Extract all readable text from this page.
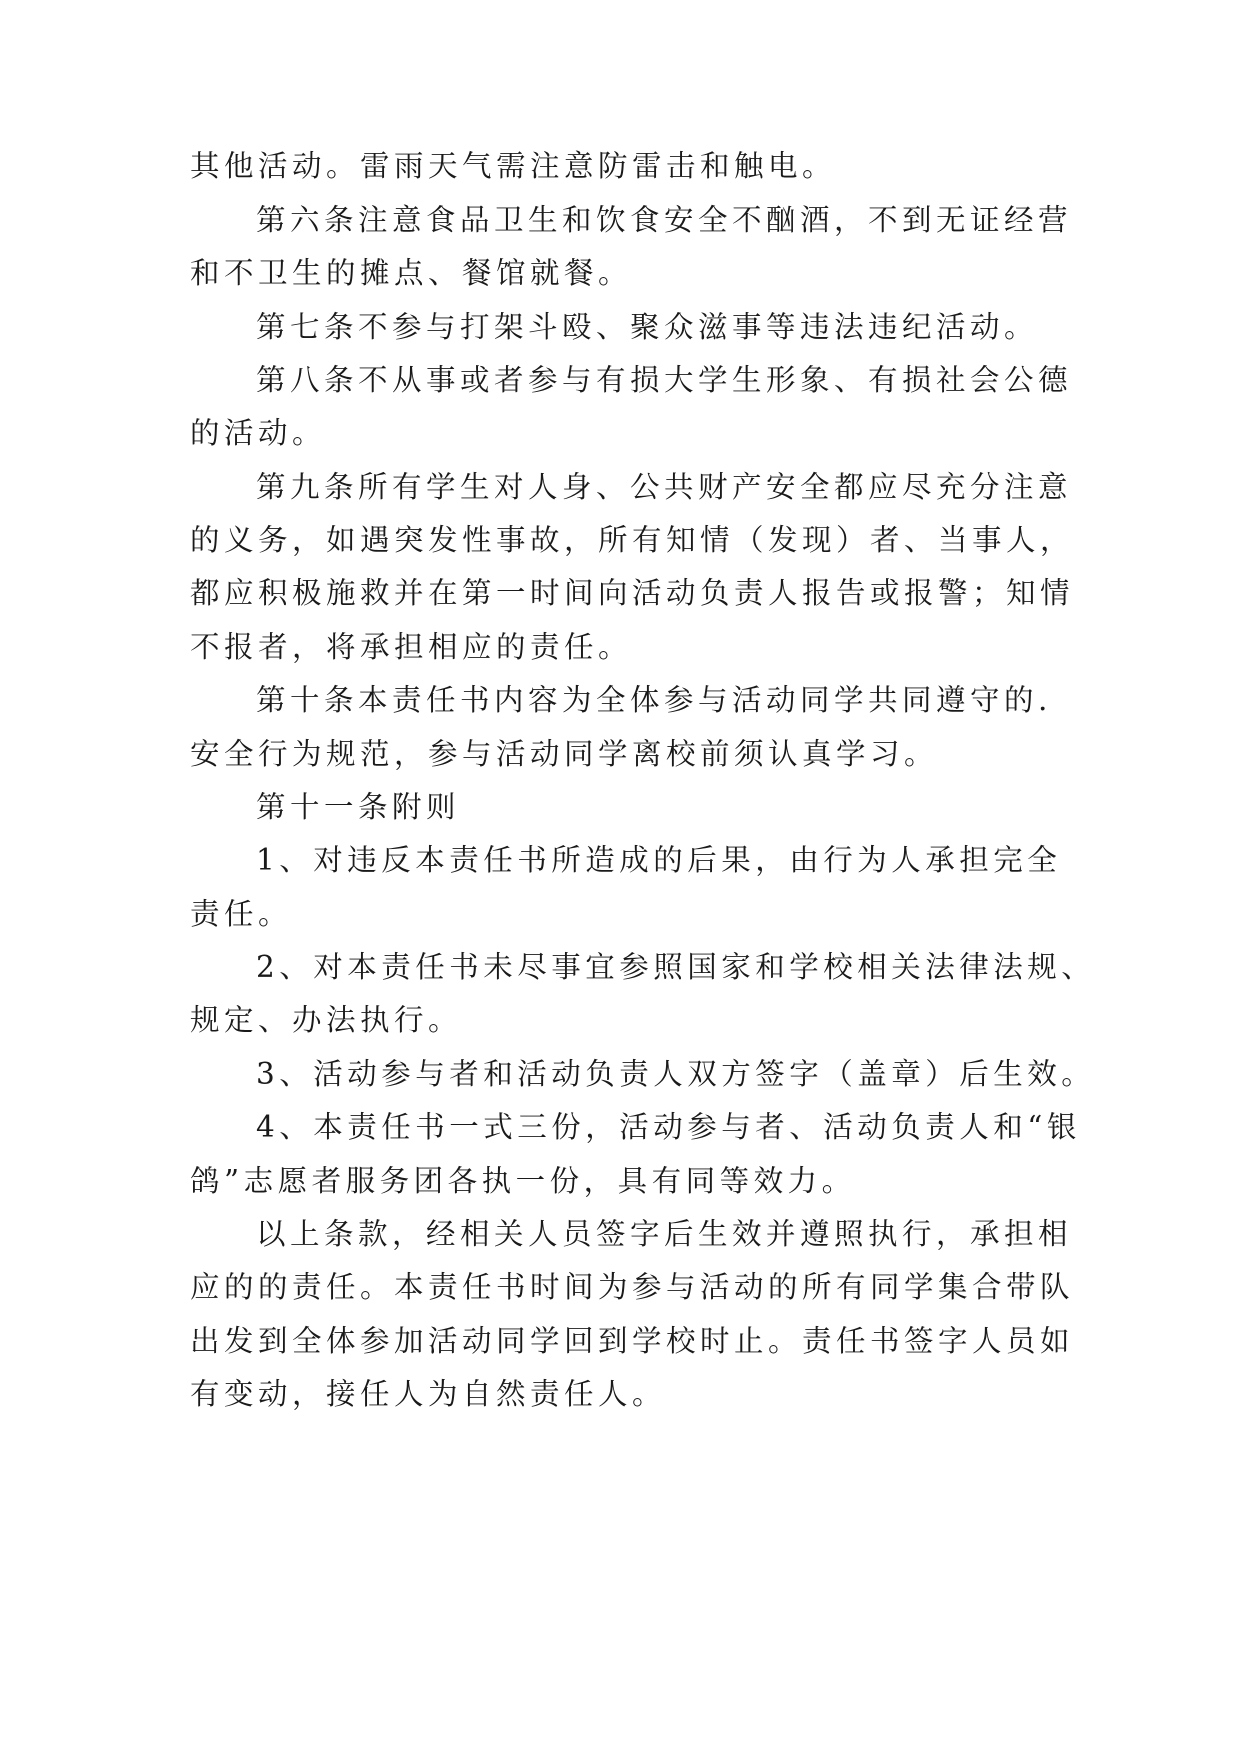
其他活动。雷雨天气需注意防雷击和触电。
第六条注意食品卫生和饮食安全不酗酒，不到无证经营
和不卫生的摊点、餐馆就餐。
第七条不参与打架斗殴、聚众滋事等违法违纪活动。
第八条不从事或者参与有损大学生形象、有损社会公德
的活动。
第九条所有学生对人身、公共财产安全都应尽充分注意
的义务，如遇突发性事故，所有知情（发现）者、当事人，
都应积极施救并在第一时间向活动负责人报告或报警；知情
不报者，将承担相应的责任。
第十条本责任书内容为全体参与活动同学共同遵守的.
安全行为规范，参与活动同学离校前须认真学习。
第十一条附则
1、对违反本责任书所造成的后果，由行为人承担完全
责任。
2、对本责任书未尽事宜参照国家和学校相关法律法规、
规定、办法执行。
3、活动参与者和活动负责人双方签字（盖章）后生效。
4、本责任书一式三份，活动参与者、活动负责人和“银
鸽”志愿者服务团各执一份，具有同等效力。
以上条款，经相关人员签字后生效并遵照执行，承担相
应的的责任。本责任书时间为参与活动的所有同学集合带队
出发到全体参加活动同学回到学校时止。责任书签字人员如
有变动，接任人为自然责任人。
